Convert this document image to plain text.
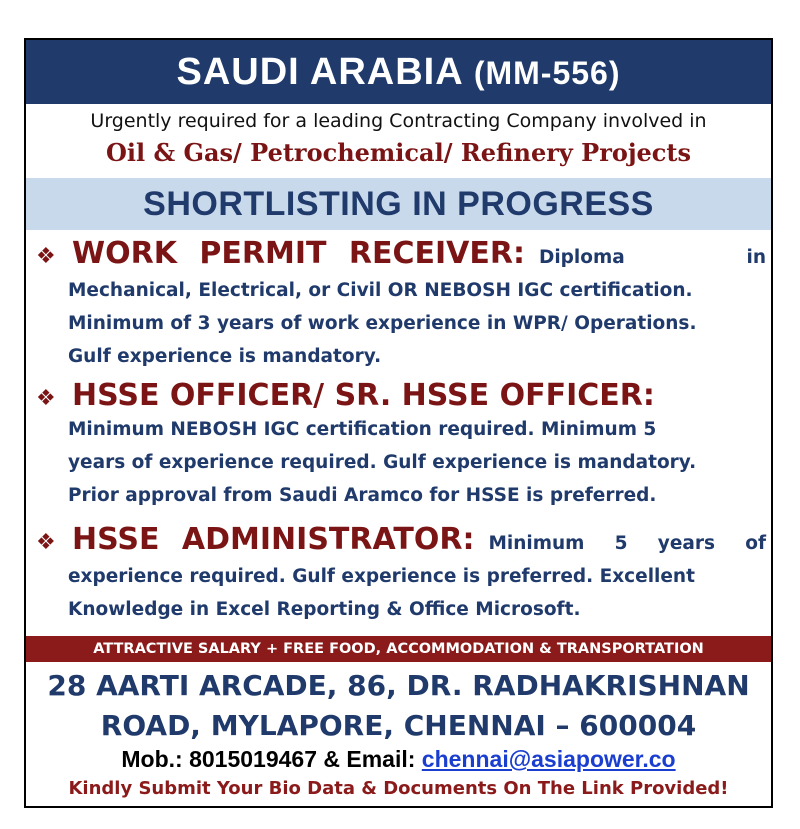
SAUDI ARABIA (MM-556)
Urgently required for a leading Contracting Company involved in
Oil & Gas/ Petrochemical/ Refinery Projects
SHORTLISTING IN PROGRESS
❖ WORK PERMIT RECEIVER: Diploma in
Mechanical, Electrical, or Civil OR NEBOSH IGC certification.
Minimum of 3 years of work experience in WPR/ Operations.
Gulf experience is mandatory.
❖ HSSE OFFICER/ SR. HSSE OFFICER:
Minimum NEBOSH IGC certification required. Minimum 5
years of experience required. Gulf experience is mandatory.
Prior approval from Saudi Aramco for HSSE is preferred.
❖ HSSE ADMINISTRATOR: Minimum 5 years of
experience required. Gulf experience is preferred. Excellent
Knowledge in Excel Reporting & Office Microsoft.
ATTRACTIVE SALARY + FREE FOOD, ACCOMMODATION & TRANSPORTATION
28 AARTI ARCADE, 86, DR. RADHAKRISHNAN
ROAD, MYLAPORE, CHENNAI – 600004
Mob.: 8015019467 & Email: chennai@asiapower.co
Kindly Submit Your Bio Data & Documents On The Link Provided!
